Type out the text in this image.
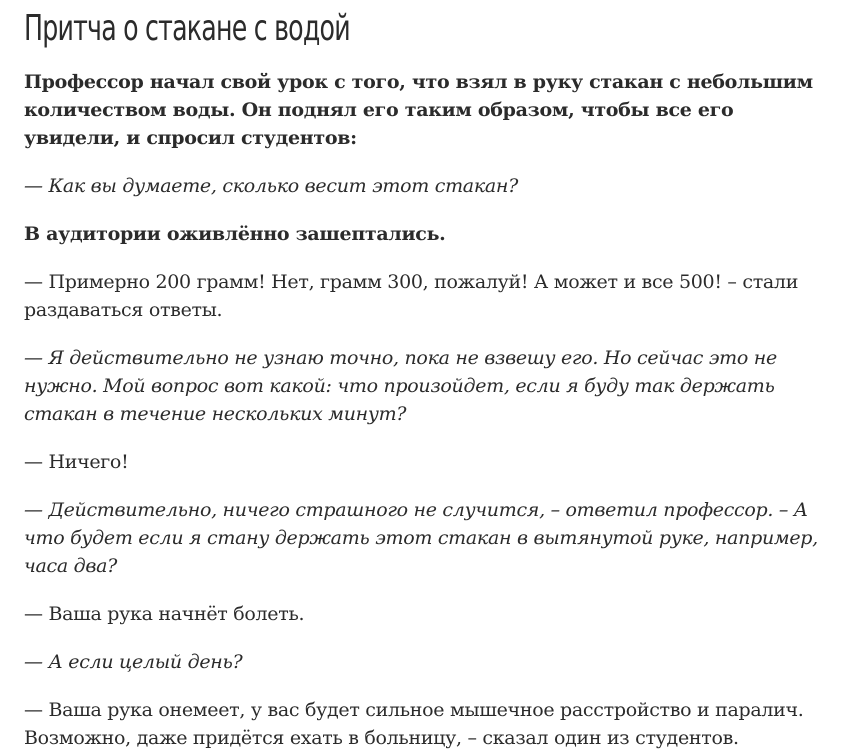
Притча о стакане с водой

Профессор начал свой урок с того, что взял в руку стакан с небольшим количеством воды. Он поднял его таким образом, чтобы все его увидели, и спросил студентов:

— Как вы думаете, сколько весит этот стакан?

В аудитории оживлённо зашептались.

— Примерно 200 грамм! Нет, грамм 300, пожалуй! А может и все 500! – стали раздаваться ответы.

— Я действительно не узнаю точно, пока не взвешу его. Но сейчас это не нужно. Мой вопрос вот какой: что произойдет, если я буду так держать стакан в течение нескольких минут?

— Ничего!

— Действительно, ничего страшного не случится, – ответил профессор. – А что будет если я стану держать этот стакан в вытянутой руке, например, часа два?

— Ваша рука начнёт болеть.

— А если целый день?

— Ваша рука онемеет, у вас будет сильное мышечное расстройство и паралич. Возможно, даже придётся ехать в больницу, – сказал один из студентов.
